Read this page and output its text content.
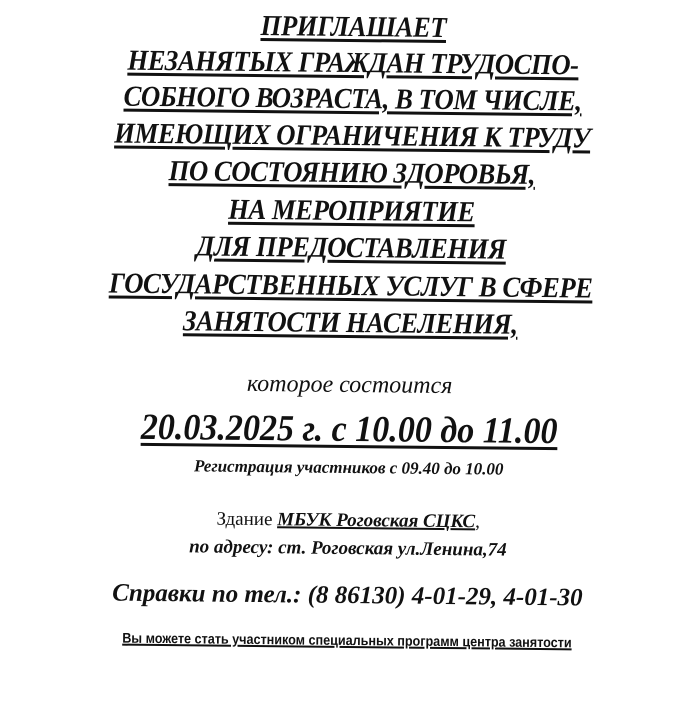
ПРИГЛАШАЕТ
НЕЗАНЯТЫХ ГРАЖДАН ТРУДОСПО-
СОБНОГО ВОЗРАСТА, В ТОМ ЧИСЛЕ,
ИМЕЮЩИХ ОГРАНИЧЕНИЯ К ТРУДУ
ПО СОСТОЯНИЮ ЗДОРОВЬЯ,
НА МЕРОПРИЯТИЕ
ДЛЯ ПРЕДОСТАВЛЕНИЯ
ГОСУДАРСТВЕННЫХ УСЛУГ В СФЕРЕ
ЗАНЯТОСТИ НАСЕЛЕНИЯ,
которое состоится
20.03.2025 г. с 10.00 до 11.00
Регистрация участников с 09.40 до 10.00
Здание МБУК Роговская СЦКС,
по адресу: ст. Роговская ул.Ленина,74
Справки по тел.: (8 86130) 4-01-29, 4-01-30
Вы можете стать участником специальных программ центра занятости
